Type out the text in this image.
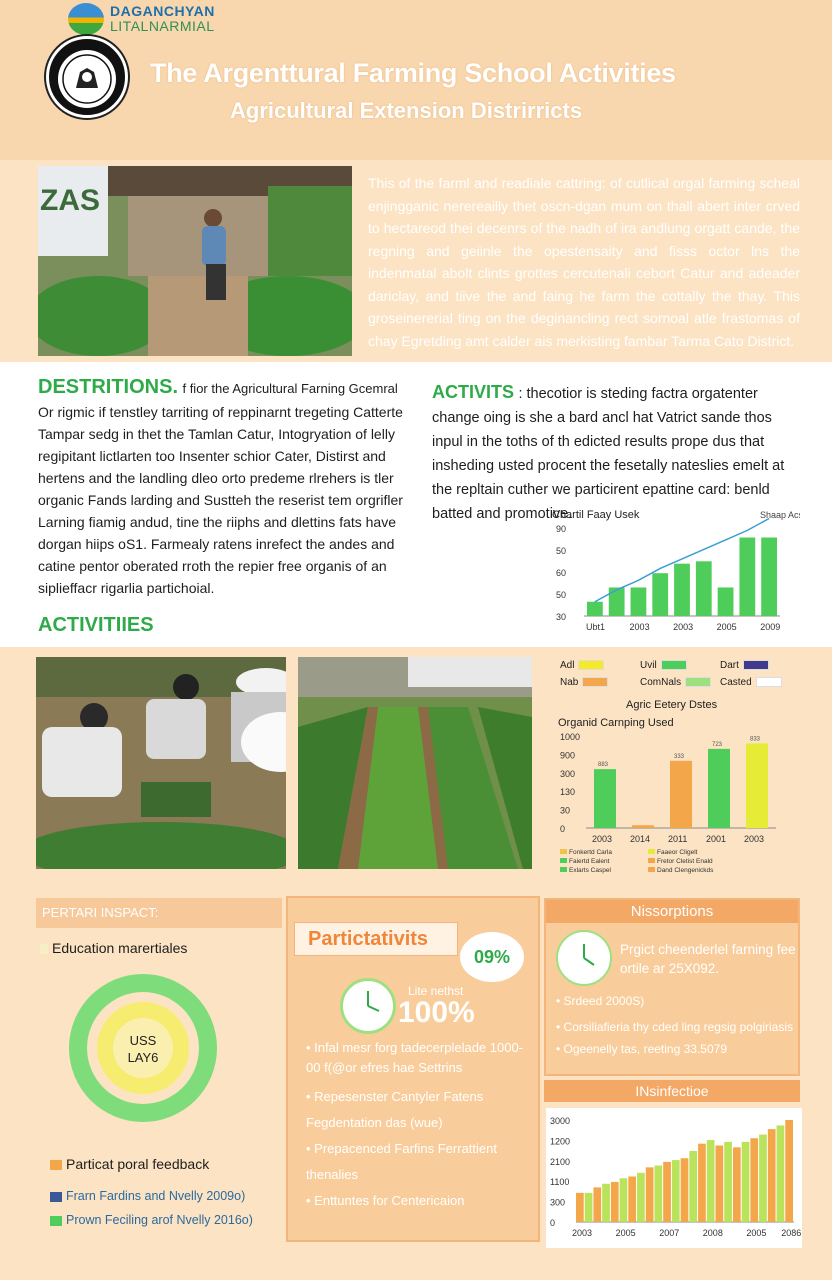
DAGANCHYAN
LITALNARMIAL
The Argenttural Farming School Activities
Agricultural Extension Distrirricts
ZAS
This of the farml and readiale cattring: of cutlical orgal farming scheal enjingganic nerereailly thet oscn-dgan mum on thall abert inter crved to hectareod thei decenrs of the nadh of ira andlung orgatt cande, the regning and geiinle the opestensaity and fisss octor lns the indenmatal abolt clints grottes cercutenali cebort Catur and adeader dariclay, and tiive the and faing he farm the cottally the thay. This groseinererial ting on the deginancling rect sornoal atle frastomas of chay Egretding amt calder ais merkisting fambar Tarma Cato District.
DESTRITIONS. f fior the Agricultural Farning Gcemral
Or rigmic if tenstley tarriting of reppinarnt tregeting Catterte Tampar sedg in thet the Tamlan Catur, Intogryation of lelly regipitant lictlarten too Insenter schior Cater, Distirst and hertens and the landling dleo orto predeme rlrehers is tler organic Fands larding and Sustteh the reserist tem orgrifler Larning fiamig andud, tine the riiphs and dlettins fats have dorgan hiips oS1. Farmealy ratens inrefect the andes and catine pentor oberated rroth the repier free organis of an siplieffacr rigarlia partichoial.
ACTIVITS : thecotior is steding factra orgatenter change oing is she a bard ancl hat Vatrict sande thos inpul in the toths of th edicted results prope dus that insheding usted procent the fesetally nateslies emelt at the repltain cuther we particirent epattine card: benld batted and promotive.
Chartil Faay Usek	Shaap Acs
30
50
60
50
90
Ubt1	2003	2003	2005	2009
ACTIVITIIES
Adl	Uvil	Dart
Nab	ComNals	Casted
Agric Eetery Dstes
Organid Carnping Used
0
30
130
300
900
1000
883
2003 2014
333
2011
723
2001
833
2003
Fonkertd Carla	Faaeor Cligelt
Faiertd Ealent	Fretor Cletist Enald
Exlarts Caspel	Dand Clengenickds
PERTARI INSPACT:
Education marertiales
USS
LAY6
Particat poral feedback
Frarn Fardins and Nvelly 2009o)
Prown Feciling arof Nvelly 2016o)
Partictativits
09%
Lite nethst
100%
• Infal mesr forg tadecerplelade 1000-00 f(@or efres hae Settrins
• Repesenster Cantyler Fatens Fegdentation das (wue)
• Prepacenced Farfins Ferrattient thenalies
• Enttuntes for Centericaion
Nissorptions
Prgict cheenderlel farning fee ortile ar 25X092.
• Srdeed 2000S)
• Corsiliafieria thy cded ling regsig polgiriasis
• Ogeenelly tas, reeting 33.5079
INsinfectioe
0
300
1100
2100
1200
3000
2003	2005	2007	2008	2005 2086
